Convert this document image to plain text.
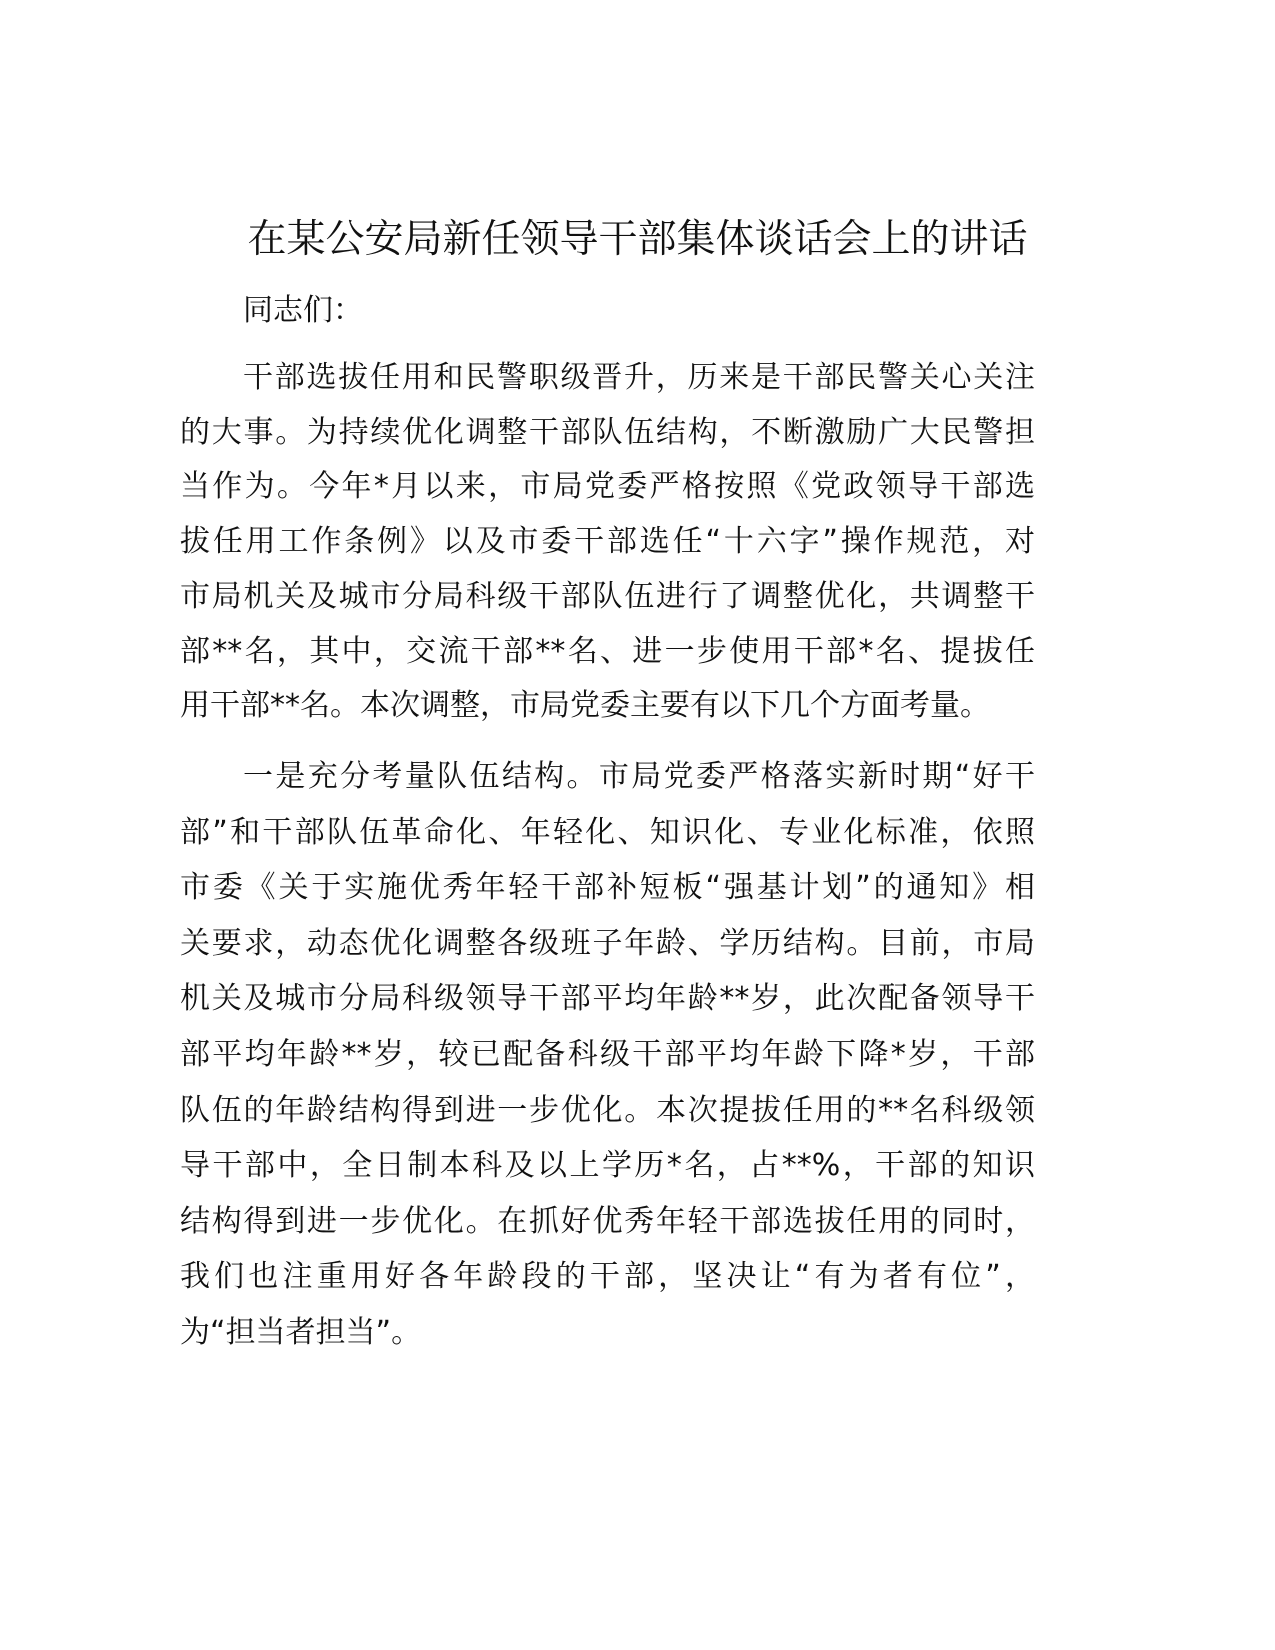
在某公安局新任领导干部集体谈话会上的讲话
同志们：
干部选拔任用和民警职级晋升，历来是干部民警关心关注
的大事。为持续优化调整干部队伍结构，不断激励广大民警担
当作为。今年*月以来，市局党委严格按照《党政领导干部选
拔任用工作条例》以及市委干部选任“十六字”操作规范，对
市局机关及城市分局科级干部队伍进行了调整优化，共调整干
部**名，其中，交流干部**名、进一步使用干部*名、提拔任
用干部**名。本次调整，市局党委主要有以下几个方面考量。
一是充分考量队伍结构。市局党委严格落实新时期“好干
部”和干部队伍革命化、年轻化、知识化、专业化标准，依照
市委《关于实施优秀年轻干部补短板“强基计划”的通知》相
关要求，动态优化调整各级班子年龄、学历结构。目前，市局
机关及城市分局科级领导干部平均年龄**岁，此次配备领导干
部平均年龄**岁，较已配备科级干部平均年龄下降*岁，干部
队伍的年龄结构得到进一步优化。本次提拔任用的**名科级领
导干部中，全日制本科及以上学历*名，占**%，干部的知识
结构得到进一步优化。在抓好优秀年轻干部选拔任用的同时，
我们也注重用好各年龄段的干部，坚决让“有为者有位”，
为“担当者担当”。
